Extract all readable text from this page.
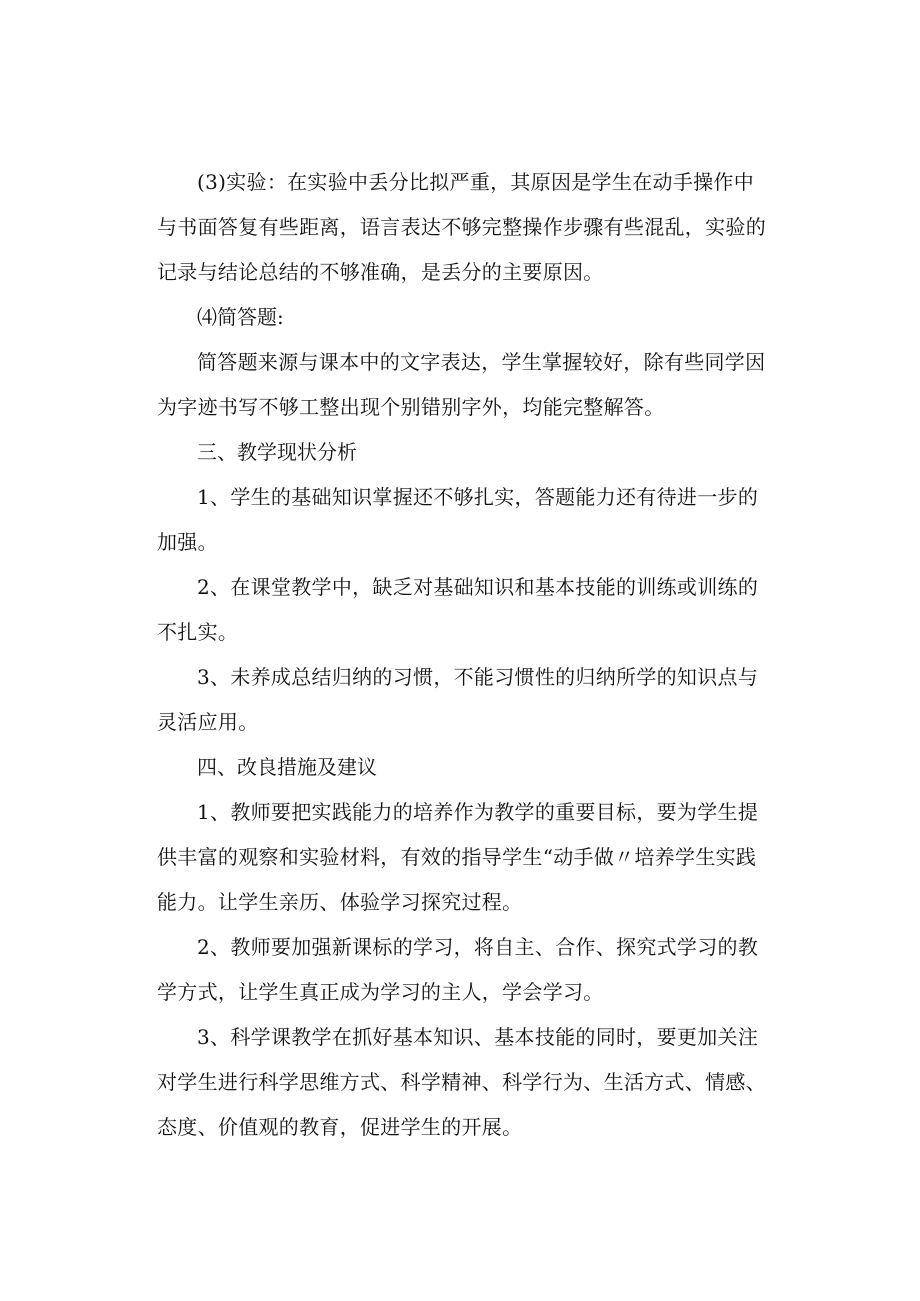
(3)实验：在实验中丢分比拟严重，其原因是学生在动手操作中与书面答复有些距离，语言表达不够完整操作步骤有些混乱，实验的记录与结论总结的不够准确，是丢分的主要原因。

⑷简答题:

简答题来源与课本中的文字表达，学生掌握较好，除有些同学因为字迹书写不够工整出现个别错别字外，均能完整解答。

三、教学现状分析

1、学生的基础知识掌握还不够扎实，答题能力还有待进一步的加强。

2、在课堂教学中，缺乏对基础知识和基本技能的训练或训练的不扎实。

3、未养成总结归纳的习惯，不能习惯性的归纳所学的知识点与灵活应用。

四、改良措施及建议

1、教师要把实践能力的培养作为教学的重要目标，要为学生提供丰富的观察和实验材料，有效的指导学生“动手做〃培养学生实践能力。让学生亲历、体验学习探究过程。

2、教师要加强新课标的学习，将自主、合作、探究式学习的教学方式，让学生真正成为学习的主人，学会学习。

3、科学课教学在抓好基本知识、基本技能的同时，要更加关注对学生进行科学思维方式、科学精神、科学行为、生活方式、情感、态度、价值观的教育，促进学生的开展。
